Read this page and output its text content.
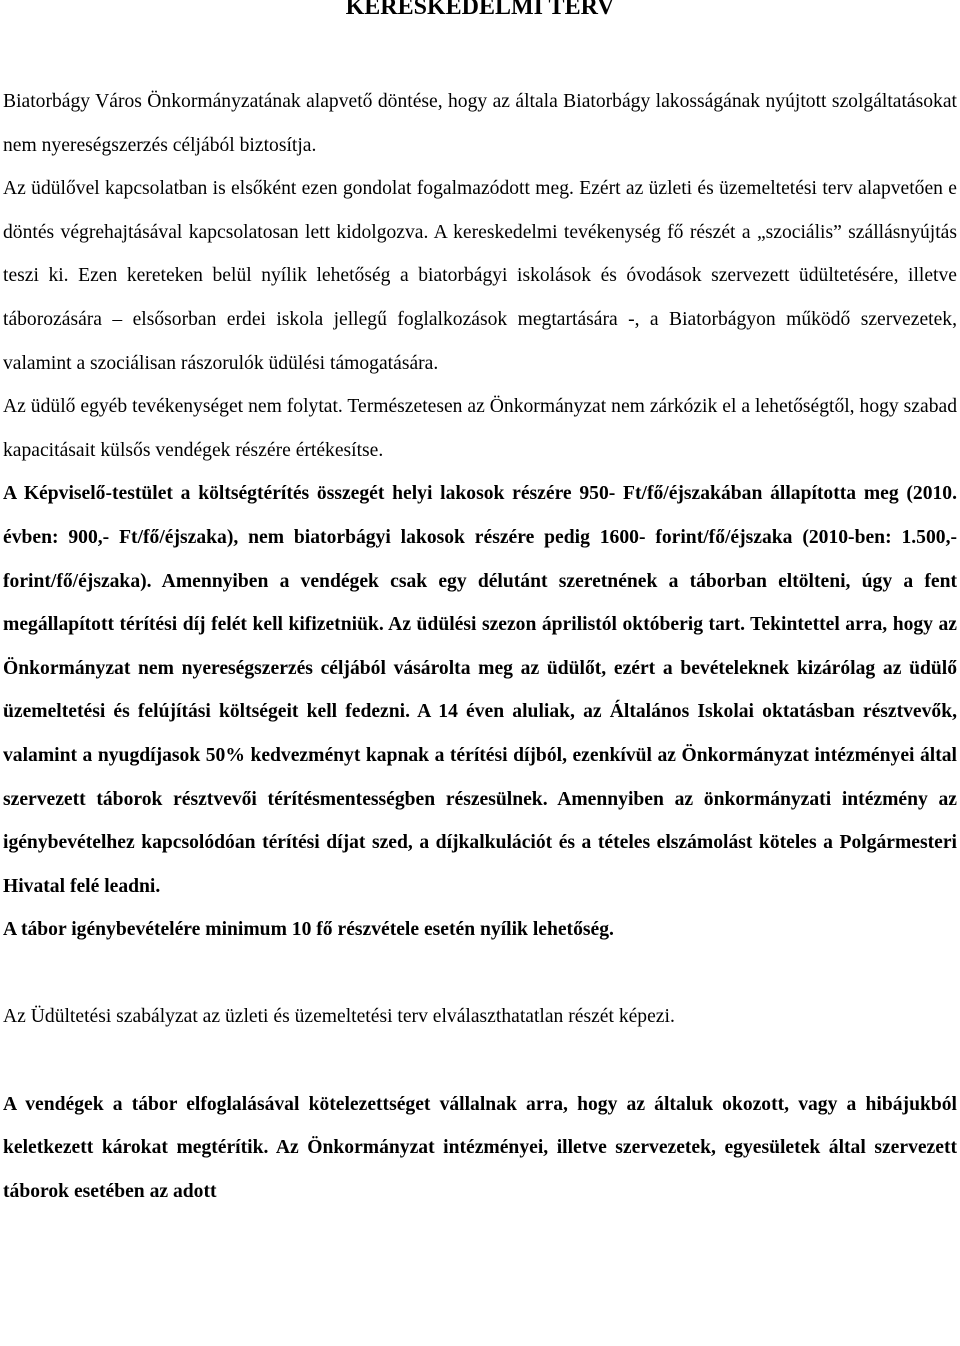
KERESKEDELMI TERV

Biatorbágy Város Önkormányzatának alapvető döntése, hogy az általa Biatorbágy lakosságának nyújtott szolgáltatásokat nem nyereségszerzés céljából biztosítja.

Az üdülővel kapcsolatban is elsőként ezen gondolat fogalmazódott meg. Ezért az üzleti és üzemeltetési terv alapvetően e döntés végrehajtásával kapcsolatosan lett kidolgozva. A kereskedelmi tevékenység fő részét a „szociális” szállásnyújtás teszi ki. Ezen kereteken belül nyílik lehetőség a biatorbágyi iskolások és óvodások szervezett üdültetésére, illetve táborozására – elsősorban erdei iskola jellegű foglalkozások megtartására -, a Biatorbágyon működő szervezetek, valamint a szociálisan rászorulók üdülési támogatására.

Az üdülő egyéb tevékenységet nem folytat. Természetesen az Önkormányzat nem zárkózik el a lehetőségtől, hogy szabad kapacitásait külsős vendégek részére értékesítse.

A Képviselő-testület a költségtérítés összegét helyi lakosok részére 950- Ft/fő/éjszakában állapította meg (2010. évben: 900,- Ft/fő/éjszaka), nem biatorbágyi lakosok részére pedig 1600- forint/fő/éjszaka (2010-ben: 1.500,- forint/fő/éjszaka). Amennyiben a vendégek csak egy délutánt szeretnének a táborban eltölteni, úgy a fent megállapított térítési díj felét kell kifizetniük. Az üdülési szezon áprilistól októberig tart. Tekintettel arra, hogy az Önkormányzat nem nyereségszerzés céljából vásárolta meg az üdülőt, ezért a bevételeknek kizárólag az üdülő üzemeltetési és felújítási költségeit kell fedezni. A 14 éven aluliak, az Általános Iskolai oktatásban résztvevők, valamint a nyugdíjasok 50% kedvezményt kapnak a térítési díjból, ezenkívül az Önkormányzat intézményei által szervezett táborok résztvevői térítésmentességben részesülnek. Amennyiben az önkormányzati intézmény az igénybevételhez kapcsolódóan térítési díjat szed, a díjkalkulációt és a tételes elszámolást köteles a Polgármesteri Hivatal felé leadni.

A tábor igénybevételére minimum 10 fő részvétele esetén nyílik lehetőség.

Az Üdültetési szabályzat az üzleti és üzemeltetési terv elválaszthatatlan részét képezi.

A vendégek a tábor elfoglalásával kötelezettséget vállalnak arra, hogy az általuk okozott, vagy a hibájukból keletkezett károkat megtérítik. Az Önkormányzat intézményei, illetve szervezetek, egyesületek által szervezett táborok esetében az adott
